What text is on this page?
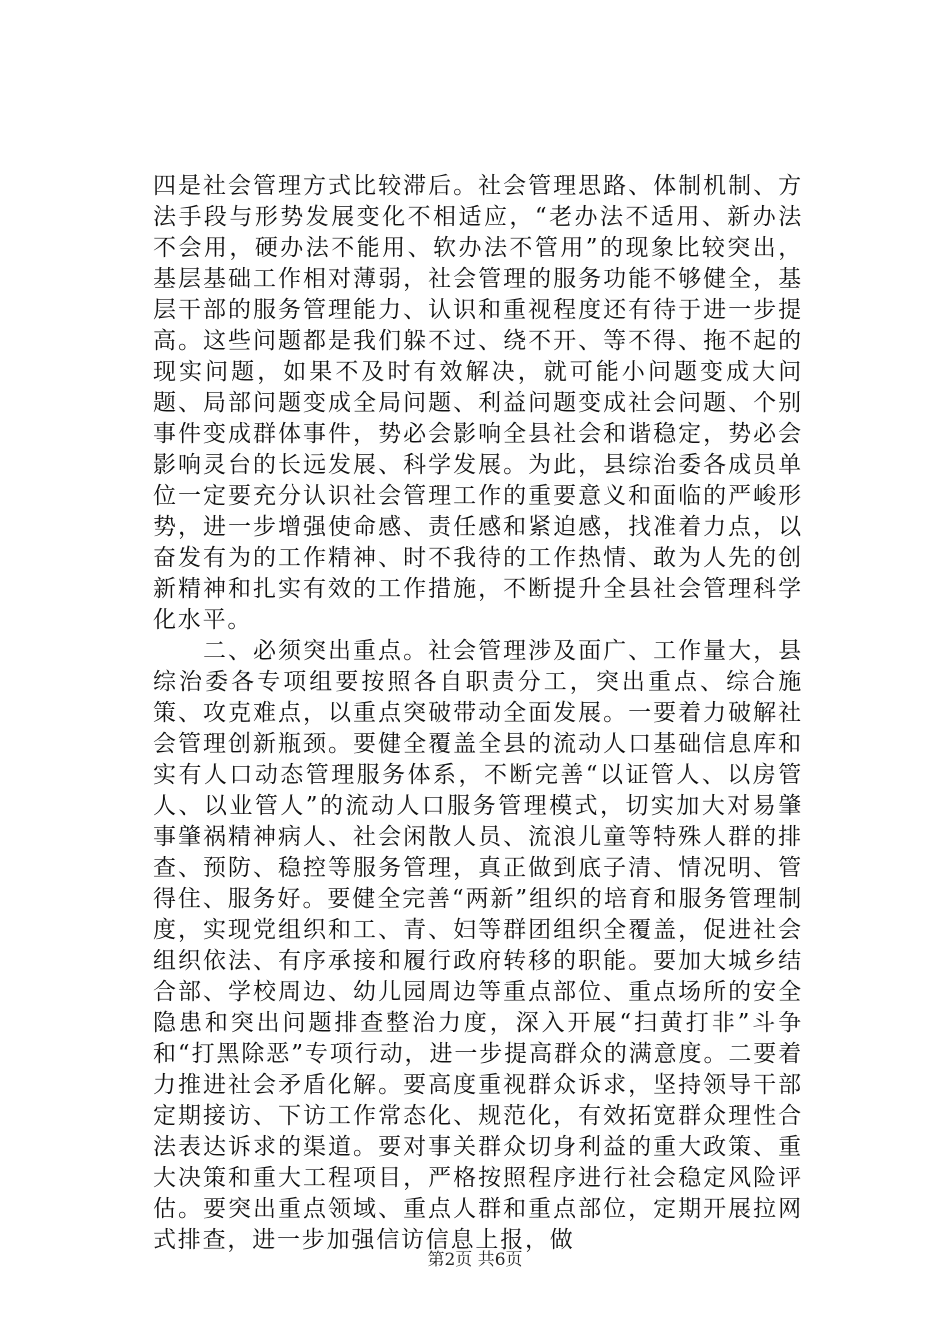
四是社会管理方式比较滞后。社会管理思路、体制机制、方法手段与形势发展变化不相适应，“老办法不适用、新办法不会用，硬办法不能用、软办法不管用”的现象比较突出，基层基础工作相对薄弱，社会管理的服务功能不够健全，基层干部的服务管理能力、认识和重视程度还有待于进一步提高。这些问题都是我们躲不过、绕不开、等不得、拖不起的现实问题，如果不及时有效解决，就可能小问题变成大问题、局部问题变成全局问题、利益问题变成社会问题、个别事件变成群体事件，势必会影响全县社会和谐稳定，势必会影响灵台的长远发展、科学发展。为此，县综治委各成员单位一定要充分认识社会管理工作的重要意义和面临的严峻形势，进一步增强使命感、责任感和紧迫感，找准着力点，以奋发有为的工作精神、时不我待的工作热情、敢为人先的创新精神和扎实有效的工作措施，不断提升全县社会管理科学化水平。

二、必须突出重点。社会管理涉及面广、工作量大，县综治委各专项组要按照各自职责分工，突出重点、综合施策、攻克难点，以重点突破带动全面发展。一要着力破解社会管理创新瓶颈。要健全覆盖全县的流动人口基础信息库和实有人口动态管理服务体系，不断完善“以证管人、以房管人、以业管人”的流动人口服务管理模式，切实加大对易肇事肇祸精神病人、社会闲散人员、流浪儿童等特殊人群的排查、预防、稳控等服务管理，真正做到底子清、情况明、管得住、服务好。要健全完善“两新”组织的培育和服务管理制度，实现党组织和工、青、妇等群团组织全覆盖，促进社会组织依法、有序承接和履行政府转移的职能。要加大城乡结合部、学校周边、幼儿园周边等重点部位、重点场所的安全隐患和突出问题排查整治力度，深入开展“扫黄打非”斗争和“打黑除恶”专项行动，进一步提高群众的满意度。二要着力推进社会矛盾化解。要高度重视群众诉求，坚持领导干部定期接访、下访工作常态化、规范化，有效拓宽群众理性合法表达诉求的渠道。要对事关群众切身利益的重大政策、重大决策和重大工程项目，严格按照程序进行社会稳定风险评估。要突出重点领域、重点人群和重点部位，定期开展拉网式排查，进一步加强信访信息上报，做

第2页 共6页
